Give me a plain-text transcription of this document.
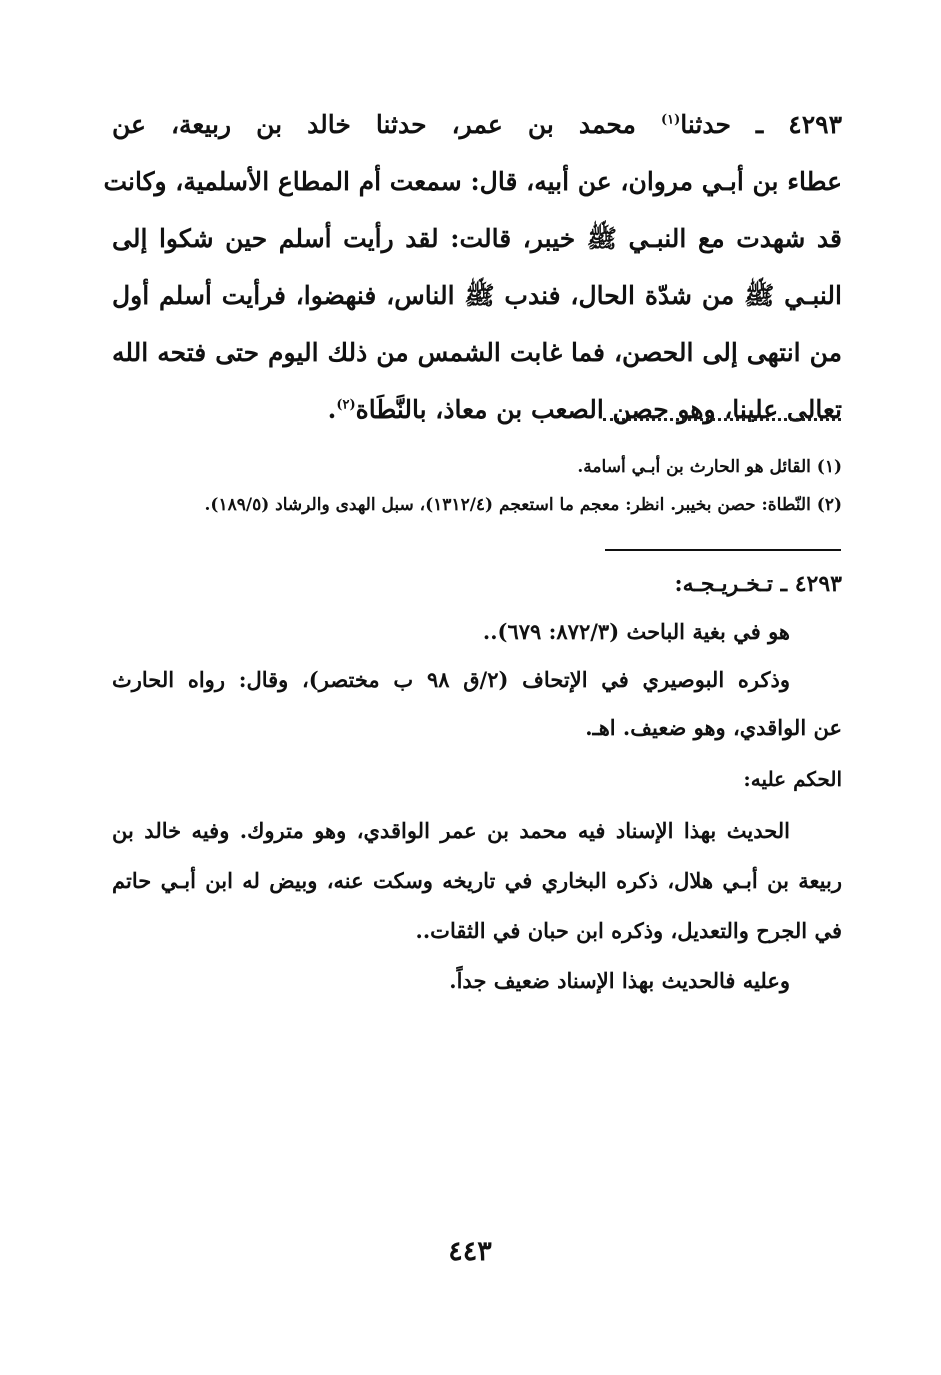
٤٢٩٣ ـ حدثنا$^{(١)}$ محمد بن عمر، حدثنا خالد بن ربيعة، عن
عطاء بن أبـي مروان، عن أبيه، قال: سمعت أم المطاع الأسلمية، وكانت
قد شهدت مع النبـي ﷺ خيبر، قالت: لقد رأيت أسلم حين شكوا إلى
النبـي ﷺ من شدّة الحال، فندب ﷺ الناس، فنهضوا، فرأيت أسلم أول
من انتهى إلى الحصن، فما غابت الشمس من ذلك اليوم حتى فتحه الله
تعالى علينا، وهو حصن الصعب بن معاذ، بالنَّطَاة$^{(٢)}$.
(١) القائل هو الحارث بن أبـي أسامة.
(٢) النّطاة: حصن بخيبر. انظر: معجم ما استعجم (١٣١٢/٤)، سبل الهدى والرشاد (١٨٩/٥).
٤٢٩٣ ـ تـخـريـجـه:
هو في بغية الباحث (٨٧٢/٣: ٦٧٩)..
وذكره البوصيري في الإتحاف (٢/ق ٩٨ ب مختصر)، وقال: رواه الحارث
عن الواقدي، وهو ضعيف. اهـ.
الحكم عليه:
الحديث بهذا الإسناد فيه محمد بن عمر الواقدي، وهو متروك. وفيه خالد بن
ربيعة بن أبـي هلال، ذكره البخاري في تاريخه وسكت عنه، وبيض له ابن أبـي حاتم
في الجرح والتعديل، وذكره ابن حبان في الثقات..
وعليه فالحديث بهذا الإسناد ضعيف جداً.
٤٤٣
